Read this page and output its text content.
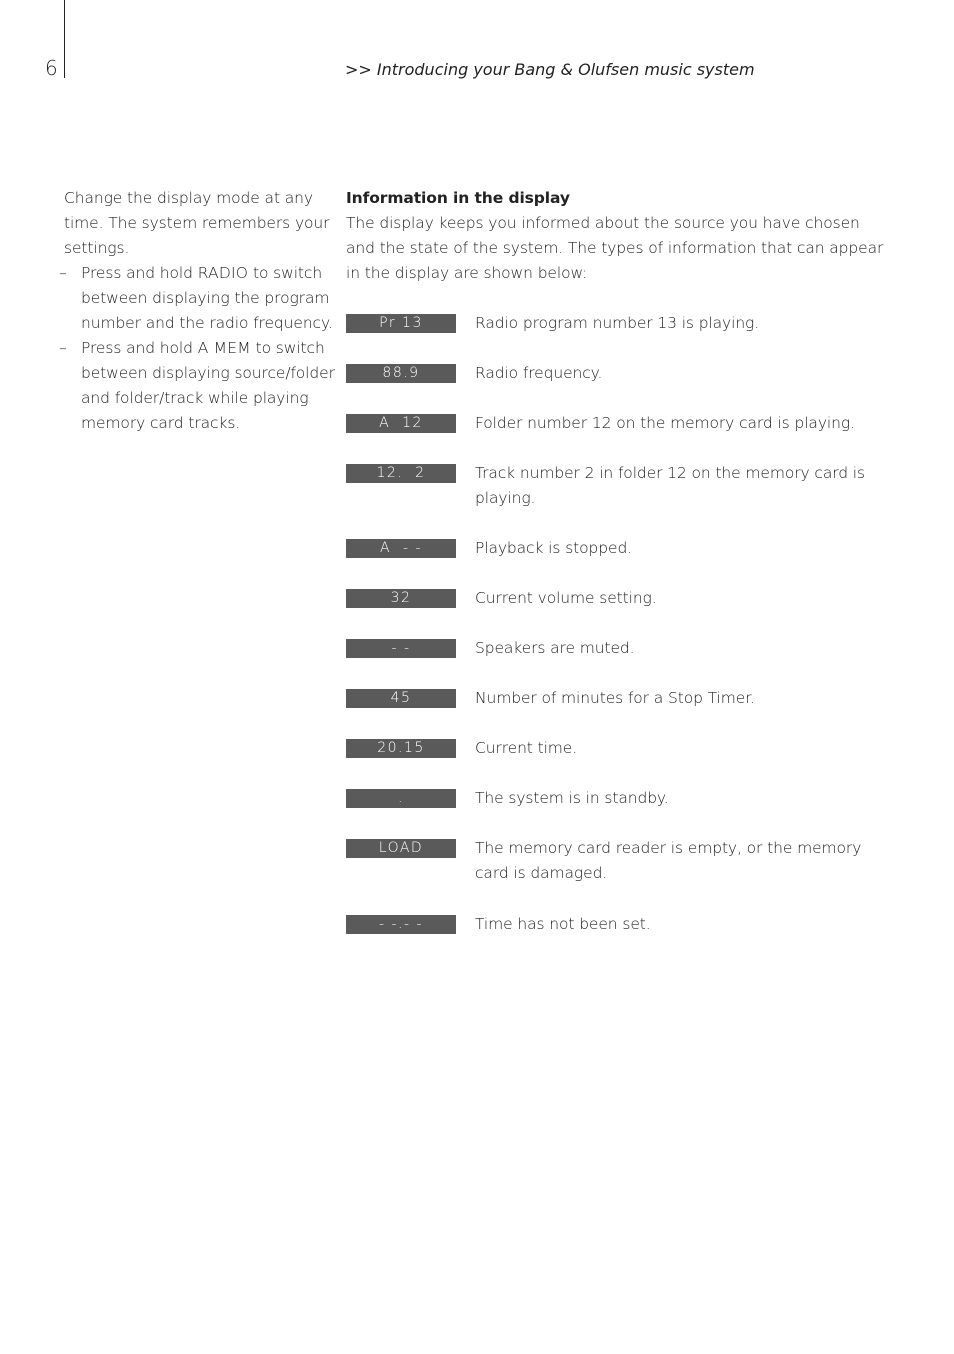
6	>> Introducing your Bang & Olufsen music system

Change the display mode at any time. The system remembers your settings.

– Press and hold RADIO to switch between displaying the program number and the radio frequency.
– Press and hold A MEM to switch between displaying source/folder and folder/track while playing memory card tracks.

Information in the display

The display keeps you informed about the source you have chosen and the state of the system. The types of information that can appear in the display are shown below:

Pr 13	Radio program number 13 is playing.
88.9	Radio frequency.
A  12	Folder number 12 on the memory card is playing.
12.  2	Track number 2 in folder 12 on the memory card is playing.
A  - -	Playback is stopped.
32	Current volume setting.
- -	Speakers are muted.
45	Number of minutes for a Stop Timer.
20.15	Current time.
.	The system is in standby.
LOAD	The memory card reader is empty, or the memory card is damaged.
- -.- -	Time has not been set.
